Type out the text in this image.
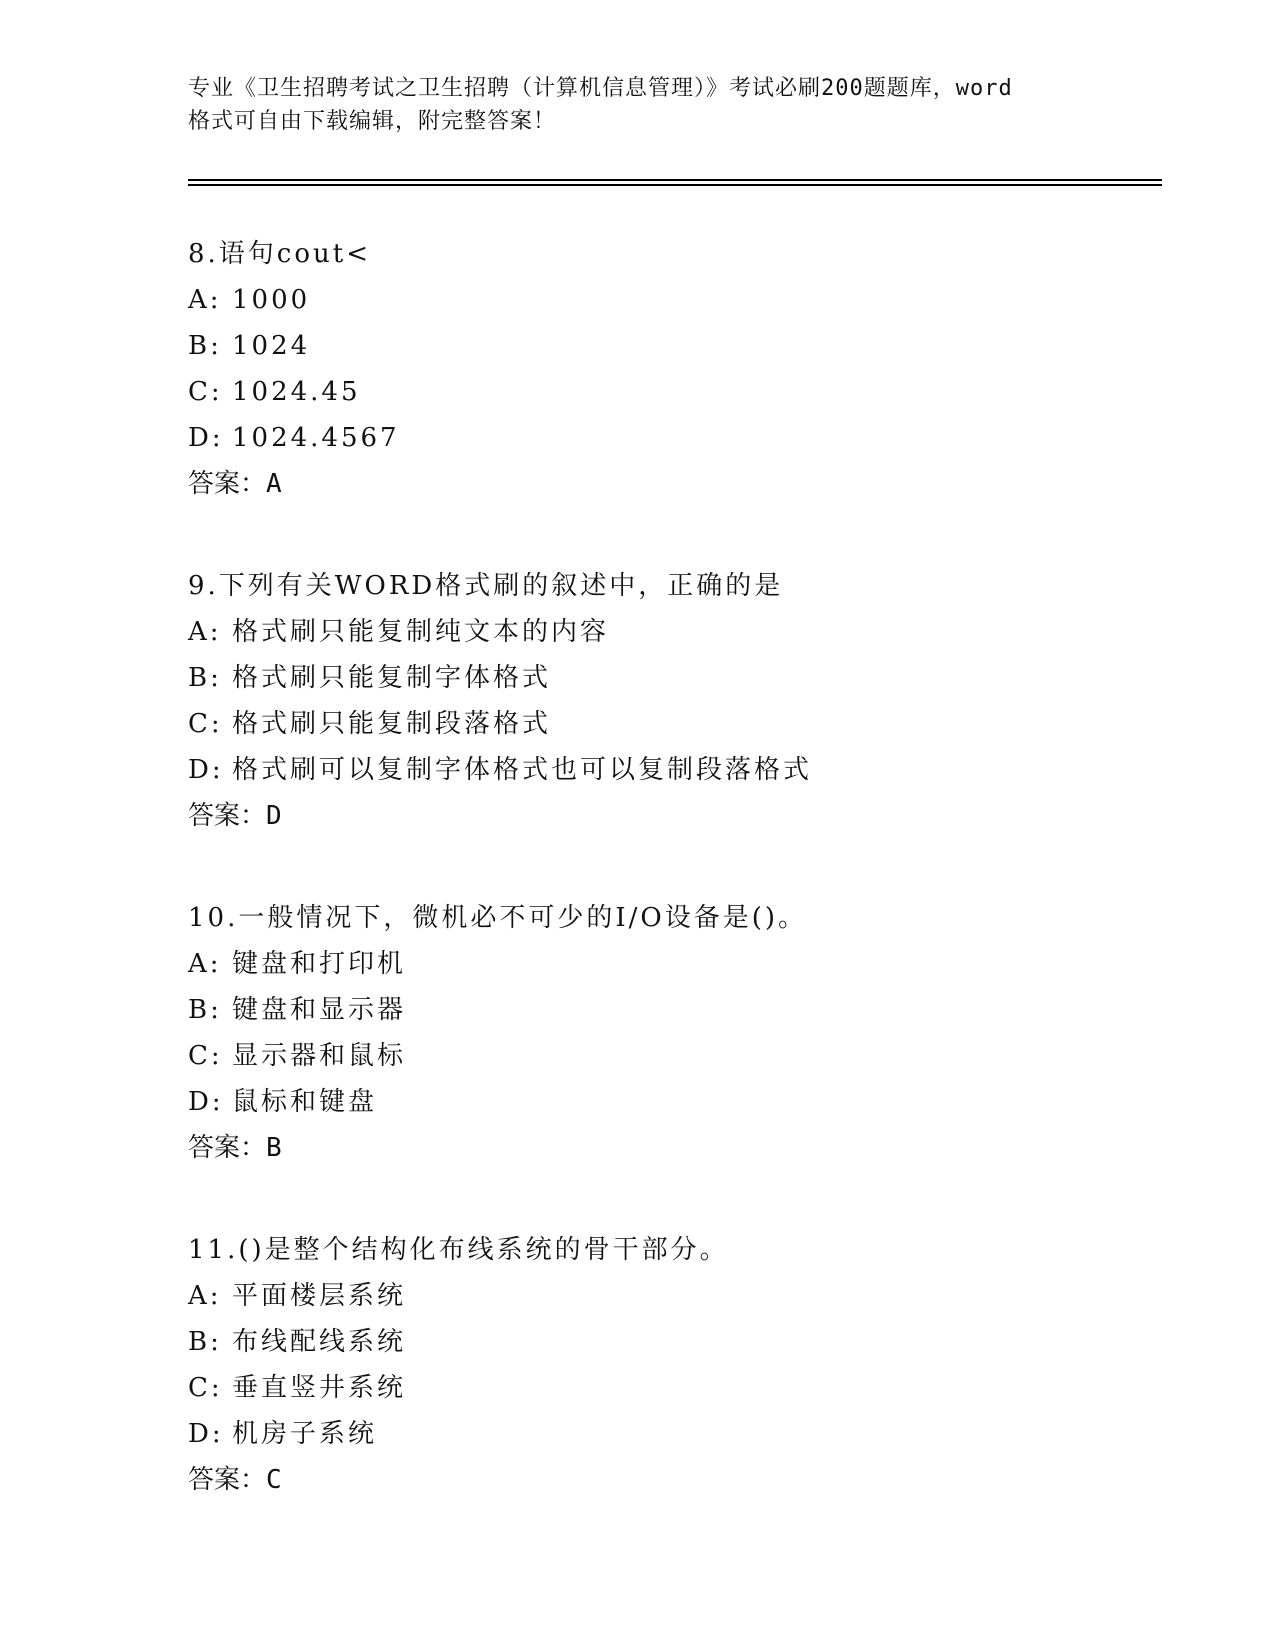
专业《卫生招聘考试之卫生招聘（计算机信息管理）》考试必刷200题题库，word
格式可自由下载编辑，附完整答案！
8.语句cout<
A: 1000
B: 1024
C: 1024.45
D: 1024.4567
答案：A
9.下列有关WORD格式刷的叙述中，正确的是
A: 格式刷只能复制纯文本的内容
B: 格式刷只能复制字体格式
C: 格式刷只能复制段落格式
D: 格式刷可以复制字体格式也可以复制段落格式
答案：D
10.一般情况下，微机必不可少的I/O设备是()。
A: 键盘和打印机
B: 键盘和显示器
C: 显示器和鼠标
D: 鼠标和键盘
答案：B
11.()是整个结构化布线系统的骨干部分。
A: 平面楼层系统
B: 布线配线系统
C: 垂直竖井系统
D: 机房子系统
答案：C
